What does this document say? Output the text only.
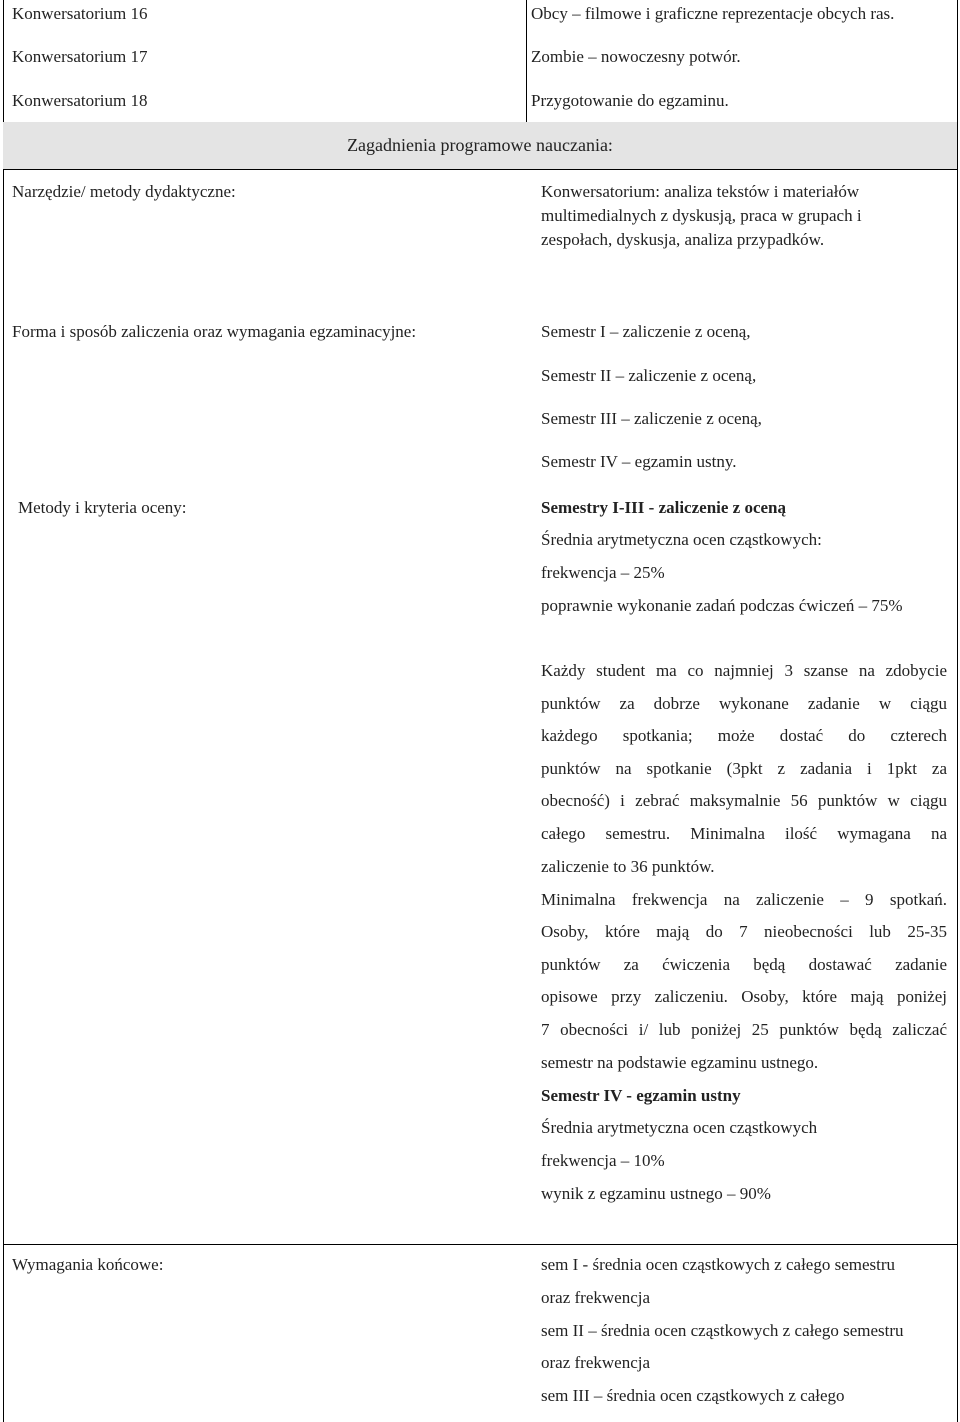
Konwersatorium 16	Obcy – filmowe i graficzne reprezentacje obcych ras.
Konwersatorium 17	Zombie – nowoczesny potwór.
Konwersatorium 18	Przygotowanie do egzaminu.
Zagadnienia programowe nauczania:
Narzędzie/ metody dydaktyczne:	Konwersatorium: analiza tekstów i materiałów
multimedialnych z dyskusją, praca w grupach i
zespołach, dyskusja, analiza przypadków.
Forma i sposób zaliczenia oraz wymagania egzaminacyjne:	Semestr I – zaliczenie z oceną,
Semestr II – zaliczenie z oceną,
Semestr III – zaliczenie z oceną,
Semestr IV – egzamin ustny.
Metody i kryteria oceny:	Semestry I-III - zaliczenie z oceną
Średnia arytmetyczna ocen cząstkowych:
frekwencja – 25%
poprawnie wykonanie zadań podczas ćwiczeń – 75%
Każdy student ma co najmniej 3 szanse na zdobycie
punktów za dobrze wykonane zadanie w ciągu
każdego spotkania; może dostać do czterech
punktów na spotkanie (3pkt z zadania i 1pkt za
obecność) i zebrać maksymalnie 56 punktów w ciągu
całego semestru. Minimalna ilość wymagana na
zaliczenie to 36 punktów.
Minimalna frekwencja na zaliczenie – 9 spotkań.
Osoby, które mają do 7 nieobecności lub 25-35
punktów za ćwiczenia będą dostawać zadanie
opisowe przy zaliczeniu. Osoby, które mają poniżej
7 obecności i/ lub poniżej 25 punktów będą zaliczać
semestr na podstawie egzaminu ustnego.
Semestr IV - egzamin ustny
Średnia arytmetyczna ocen cząstkowych
frekwencja – 10%
wynik z egzaminu ustnego – 90%
Wymagania końcowe:	sem I - średnia ocen cząstkowych z całego semestru
oraz frekwencja
sem II – średnia ocen cząstkowych z całego semestru
oraz frekwencja
sem III – średnia ocen cząstkowych z całego
